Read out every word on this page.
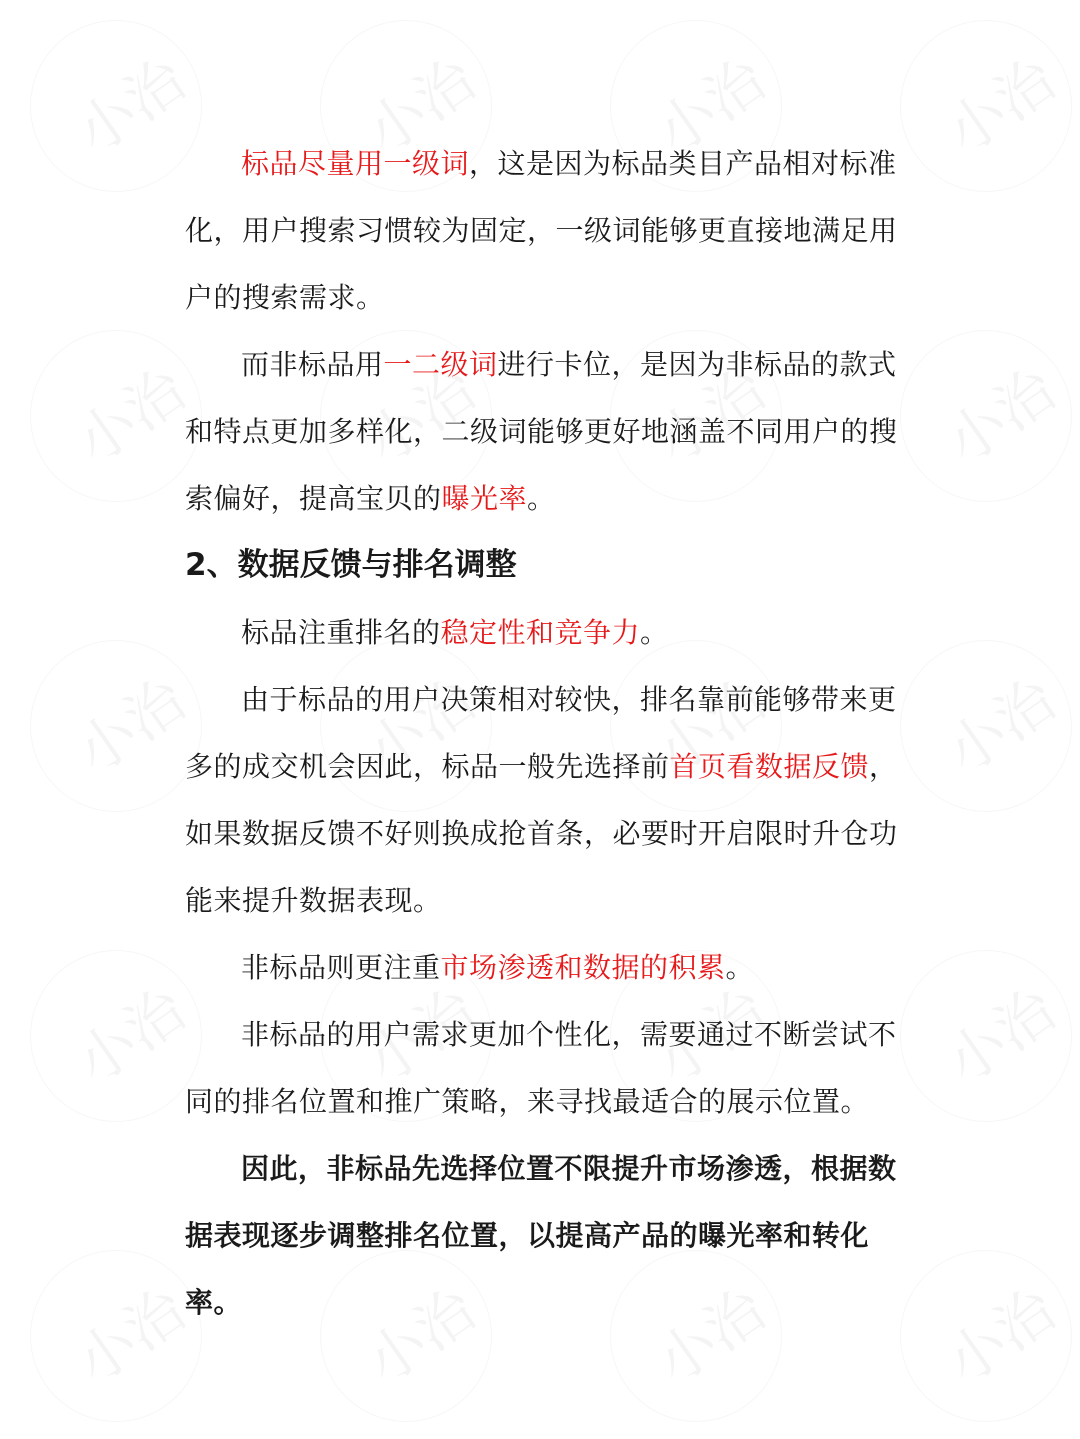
标品尽量用一级词，这是因为标品类目产品相对标准化，用户搜索习惯较为固定，一级词能够更直接地满足用户的搜索需求。

而非标品用一二级词进行卡位，是因为非标品的款式和特点更加多样化，二级词能够更好地涵盖不同用户的搜索偏好，提高宝贝的曝光率。

2、数据反馈与排名调整

标品注重排名的稳定性和竞争力。

由于标品的用户决策相对较快，排名靠前能够带来更多的成交机会因此，标品一般先选择前首页看数据反馈，如果数据反馈不好则换成抢首条，必要时开启限时升仓功能来提升数据表现。

非标品则更注重市场渗透和数据的积累。

非标品的用户需求更加个性化，需要通过不断尝试不同的排名位置和推广策略，来寻找最适合的展示位置。

因此，非标品先选择位置不限提升市场渗透，根据数据表现逐步调整排名位置，以提高产品的曝光率和转化率。
